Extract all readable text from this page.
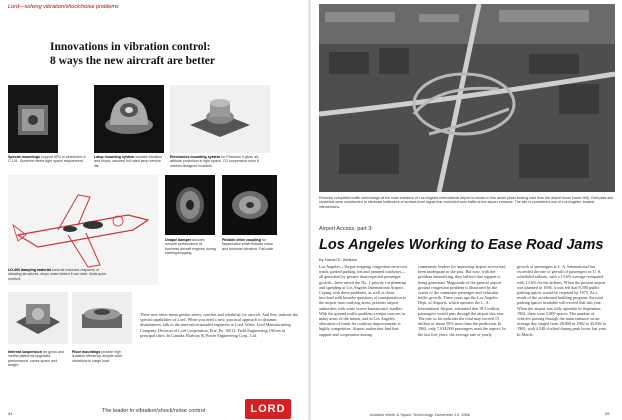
Lord—solving vibration/shock/noise problems
Innovations in vibration control:
8 ways the new aircraft are better
Special mountings support APU in wheelwell of C-141. Systems meets tight space requirement.
Lamp mounting system isolates vibration and shock, assures full rated lamp service life.
Electronics mounting system for Phantom II gives all-attitude protection in tight space. CG suspension uses 8 custom-designed isolators.
LD-400 damping material controls resonant response of vibrating structures, stops noise before it can start. Adds quiet comfort.
Unique damper assures smooth performance of business aircraft engines during starting/stopping.
Flexible drive coupling for flapactuator shaft reduces noise and torsional vibration. Fail-safe.
These new ideas mean greater safety, comfort and reliability for aircraft. And they indicate the special capabilities of Lord. When you need a new, practical approach to dynamic disturbances, talk to the innovation-minded engineers at Lord. Write: Lord Manufacturing Company, Division of Lord Corporation, Erie, Pa. 16512. Field Engineering Offices in principal cities. In Canada: Railway & Power Engineering Corp., Ltd.
Internal suspension for gyros and inertial platforms upgrades performance, saves space and weight.
Floor mountings provide high isolation efficiency despite wide variations in cargo load.
The leader in vibration/shock/noise control	LORD
54
Recently completed traffic interchange at the main entrance of Los Angeles International Airport is shown in this aerial photo looking east from the airport tower (lower left). Overpass and cloverleaf were constructed to eliminate bottleneck of surface-level signal that controlled auto traffic at the airport entrance. The site is considered one of Los Angeles' busiest intersections.
Airport Access, part 3:
Los Angeles Working to Ease Road Jams
By Harold D. Watkins
Los Angeles—Torpor-stopping congestion on access roads, parked parking lots and jammed roadways—all generated by greater-than-expected passenger growth—have raised the No. 1 priority for planning and spending at Los Angeles International Airport. Coping with these problems, as well as those involved with broader questions of transportation to the airport from outlying areas, presents airport authorities with some severe bureaucratic hurdles. With the ground traffic problem a major concern in many areas of the nation, and in Los Angeles, allocation of funds for roadway improvements is highly competitive. Airport authorities find that support and cooperation among
community leaders for improving airport access had been inadequate in the past. But now, with the problem intensifying, they believe that support is being generated. Magnitude of the general airport ground congestion problem is illustrated by the extent of the commuter passenger and vehicular traffic growth. Three years ago the Los Angeles Dept. of Airports, which operates the L. A. International Airport, estimated that 10.5 million passengers would pass through the airport this year. The rate so far indicates the total may exceed 15 million or about 50% more than the prediction. In 1962, only 7,634,000 passengers used the airport. In the last five years, the average rate of yearly
growth of passengers at L. A. International has exceeded the rate of growth of passengers in U. S. scheduled airlines, with a 13.6% average compared with 13.6% for the airlines. When the present airport was planned in 1956, it was felt that 8,500 public parking spaces would be required by 1975. As a result of the accelerated building program, the total parking spaces available will exceed that this year. When the airport was fully operable in September, 1962, there were 5,000 spaces. The number of vehicles passing through the main entrance on an average day surged from 28,000 in 1962 to 45,836 in 1965, with 4,548 clocked during peak hours last year. In March,
Aviation Week & Space Technology, November 14, 1966	55
